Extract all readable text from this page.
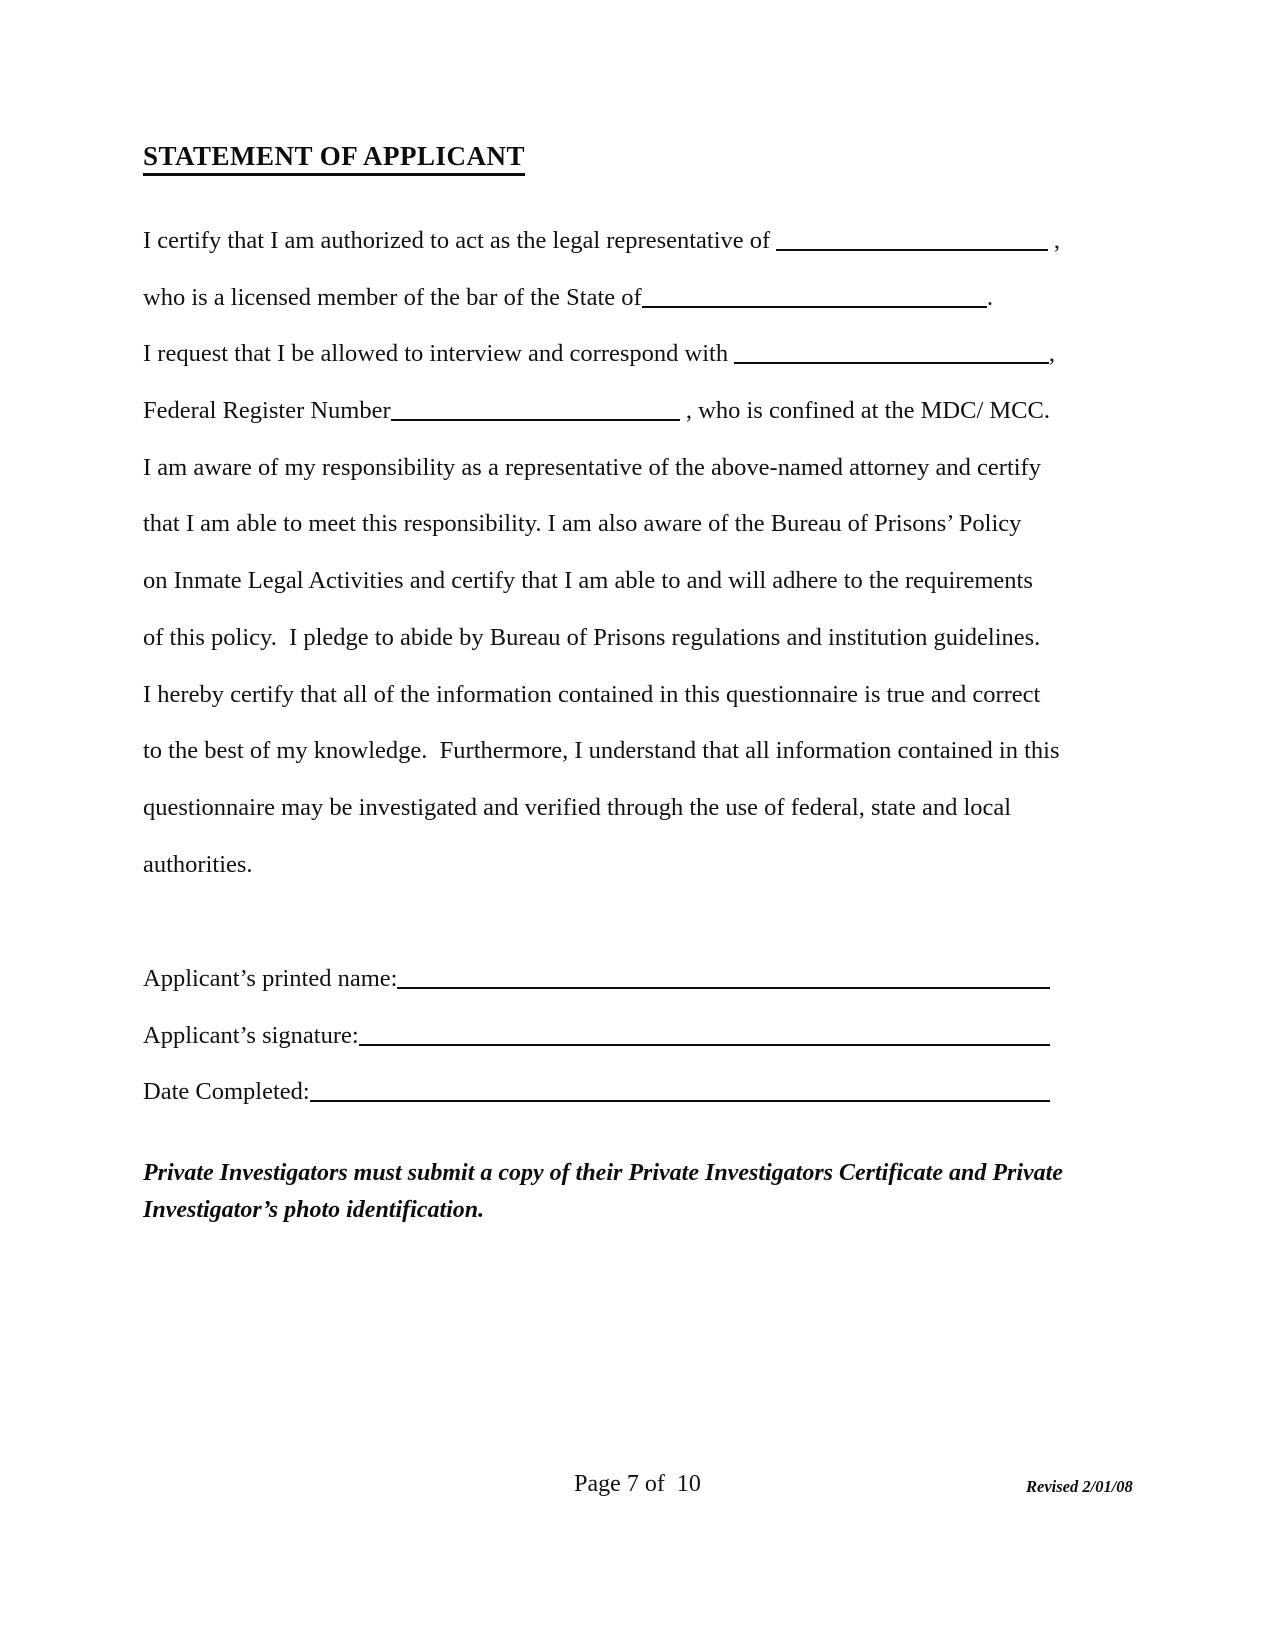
STATEMENT OF APPLICANT
I certify that I am authorized to act as the legal representative of	,
who is a licensed member of the bar of the State of	.
I request that I be allowed to interview and correspond with	,
Federal Register Number	, who is confined at the MDC/ MCC.
I am aware of my responsibility as a representative of the above-named attorney and certify
that I am able to meet this responsibility. I am also aware of the Bureau of Prisons’ Policy
on Inmate Legal Activities and certify that I am able to and will adhere to the requirements
of this policy.  I pledge to abide by Bureau of Prisons regulations and institution guidelines.
I hereby certify that all of the information contained in this questionnaire is true and correct
to the best of my knowledge.  Furthermore, I understand that all information contained in this
questionnaire may be investigated and verified through the use of federal, state and local
authorities.
Applicant’s printed name:
Applicant’s signature:
Date Completed:
Private Investigators must submit a copy of their Private Investigators Certificate and Private Investigator’s photo identification.
Page 7 of  10	Revised 2/01/08
